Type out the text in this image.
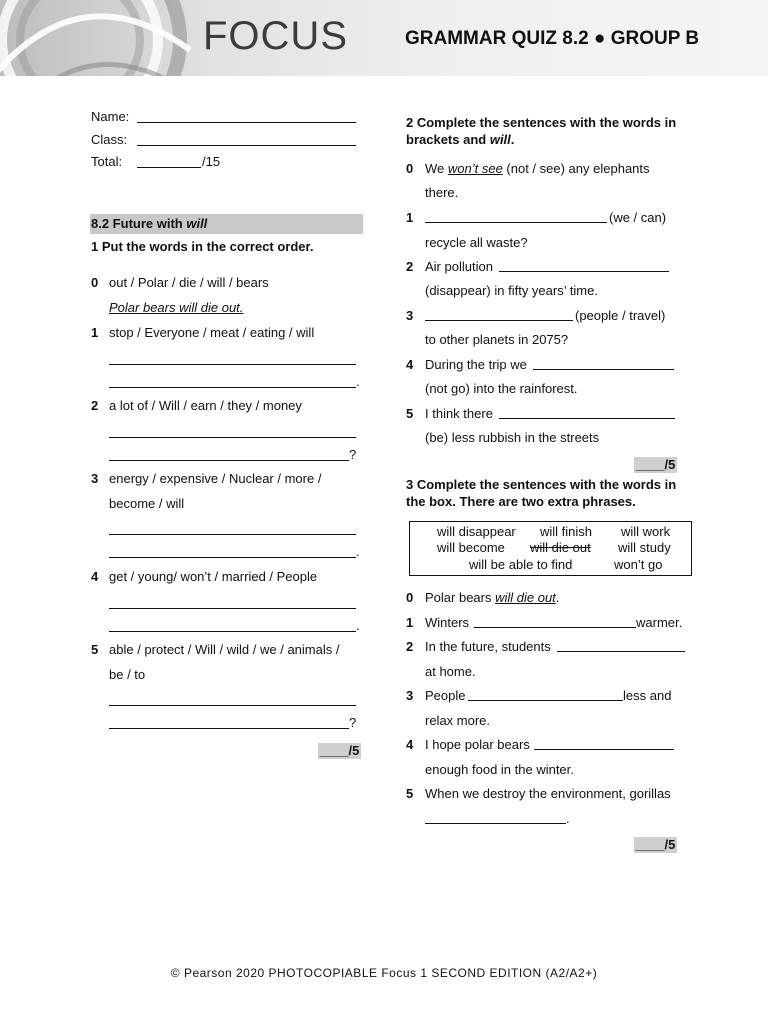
FOCUS	GRAMMAR QUIZ 8.2 ● GROUP B
Name:
Class:
Total:	/15
8.2 Future with will
1 Put the words in the correct order.
0 out / Polar / die / will / bears
Polar bears will die out.
1 stop / Everyone / meat / eating / will
.
2 a lot of / Will / earn / they / money
?
3 energy / expensive / Nuclear / more /
become / will
.
4 get / young/ won’t / married / People
.
5 able / protect / Will / wild / we / animals /
be / to
?
____/5
2 Complete the sentences with the words in
brackets and will.
0 We won’t see (not / see) any elephants
there.
1	(we / can)
recycle all waste?
2 Air pollution
(disappear) in fifty years’ time.
3	(people / travel)
to other planets in 2075?
4 During the trip we
(not go) into the rainforest.
5 I think there
(be) less rubbish in the streets
____/5
3 Complete the sentences with the words in
the box. There are two extra phrases.
will disappear will finish will work
will become will die out will study
will be able to find	won’t go
0 Polar bears will die out.
1 Winters	warmer.
2 In the future, students
at home.
3 People	less and
relax more.
4 I hope polar bears
enough food in the winter.
5 When we destroy the environment, gorillas
.
____/5
© Pearson 2020 PHOTOCOPIABLE Focus 1 SECOND EDITION (A2/A2+)
